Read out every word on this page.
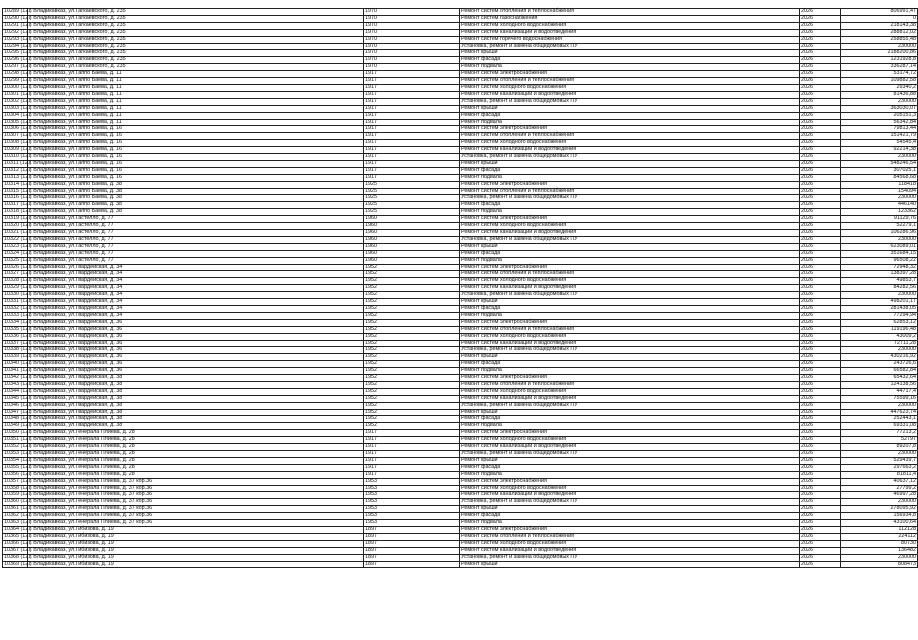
10289 (12.)	г. Владикавказ, ул.Гагкаевского, д. 235	1970	Ремонт систем отопления и теплоснабжения	2026	806991,47
10290 (12.)	г. Владикавказ, ул.Гагкаевского, д. 235	1970	Ремонт систем газоснабжения	2026	0
10291 (12.)	г. Владикавказ, ул.Гагкаевского, д. 235	1970	Ремонт систем холодного водоснабжения	2026	218143,38
10292 (12.)	г. Владикавказ, ул.Гагкаевского, д. 235	1970	Ремонт систем канализации и водоотведения	2026	288812,02
10293 (12.)	г. Владикавказ, ул.Гагкаевского, д. 235	1970	Ремонт систем горячего водоснабжения	2026	258855,48
10294 (12.)	г. Владикавказ, ул.Гагкаевского, д. 235	1970	Установка, ремонт и замена общедомовых ПУ	2026	230000
10295 (12.)	г. Владикавказ, ул.Гагкаевского, д. 235	1970	Ремонт крыши	2026	2188200,86
10296 (12.)	г. Владикавказ, ул.Гагкаевского, д. 235	1970	Ремонт фасада	2026	1231928,8
10297 (12.)	г. Владикавказ, ул.Гагкаевского, д. 235	1970	Ремонт подвала	2026	336287,14
10298 (12.)	г. Владикавказ, ул.Гаппо Баева, д. 11	1917	Ремонт систем электроснабжения	2026	53174,72
10299 (12.)	г. Владикавказ, ул.Гаппо Баева, д. 11	1917	Ремонт систем отопления и теплоснабжения	2026	109882,58
10300 (12.)	г. Владикавказ, ул.Гаппо Баева, д. 11	1917	Ремонт систем холодного водоснабжения	2026	29340,2
10301 (12.)	г. Владикавказ, ул.Гаппо Баева, д. 11	1917	Ремонт систем канализации и водоотведения	2026	81436,88
10302 (12.)	г. Владикавказ, ул.Гаппо Баева, д. 11	1917	Установка, ремонт и замена общедомовых ПУ	2026	230000
10303 (12.)	г. Владикавказ, ул.Гаппо Баева, д. 11	1917	Ремонт крыши	2026	363030,07
10304 (12.)	г. Владикавказ, ул.Гаппо Баева, д. 11	1917	Ремонт фасада	2026	205151,3
10305 (12.)	г. Владикавказ, ул.Гаппо Баева, д. 11	1917	Ремонт подвала	2026	56342,84
10306 (12.)	г. Владикавказ, ул.Гаппо Баева, д. 16	1917	Ремонт систем электроснабжения	2026	79813,44
10307 (12.)	г. Владикавказ, ул.Гаппо Баева, д. 16	1917	Ремонт систем отопления и теплоснабжения	2026	151421,79
10308 (12.)	г. Владикавказ, ул.Гаппо Баева, д. 16	1917	Ремонт систем холодного водоснабжения	2026	54545,4
10309 (12.)	г. Владикавказ, ул.Гаппо Баева, д. 16	1917	Ремонт систем канализации и водоотведения	2026	92214,38
10310 (12.)	г. Владикавказ, ул.Гаппо Баева, д. 16	1917	Установка, ремонт и замена общедомовых ПУ	2026	230000
10311 (12.)	г. Владикавказ, ул.Гаппо Баева, д. 16	1917	Ремонт крыши	2026	548246,54
10312 (12.)	г. Владикавказ, ул.Гаппо Баева, д. 16	1917	Ремонт фасада	2026	307025,1
10313 (12.)	г. Владикавказ, ул.Гаппо Баева, д. 16	1917	Ремонт подвала	2026	84568,68
10314 (12.)	г. Владикавказ, ул.Гаппо Баева, д. 38	1925	Ремонт систем электроснабжения	2026	118418
10315 (12.)	г. Владикавказ, ул.Гаппо Баева, д. 38	1925	Ремонт систем отопления и теплоснабжения	2026	154094
10316 (12.)	г. Владикавказ, ул.Гаппо Баева, д. 38	1925	Установка, ремонт и замена общедомовых ПУ	2026	230000
10317 (12.)	г. Владикавказ, ул.Гаппо Баева, д. 38	1925	Ремонт фасада	2026	446140
10318 (12.)	г. Владикавказ, ул.Гаппо Баева, д. 38	1925	Ремонт подвала	2026	123362
10319 (12.)	г. Владикавказ, ул.Гастелло, д. 77	1960	Ремонт систем электроснабжения	2026	91129,76
10320 (12.)	г. Владикавказ, ул.Гастелло, д. 77	1960	Ремонт систем холодного водоснабжения	2026	52279,1
10321 (12.)	г. Владикавказ, ул.Гастелло, д. 77	1960	Ремонт систем канализации и водоотведения	2026	106286,96
10322 (12.)	г. Владикавказ, ул.Гастелло, д. 77	1960	Установка, ремонт и замена общедомовых ПУ	2026	230000
10323 (12.)	г. Владикавказ, ул.Гастелло, д. 77	1960	Ремонт крыши	2026	623089,01
10324 (12.)	г. Владикавказ, ул.Гастелло, д. 77	1960	Ремонт фасада	2026	351684,15
10325 (12.)	г. Владикавказ, ул.Гастелло, д. 77	1960	Ремонт подвала	2026	96508,22
10326 (12.)	г. Владикавказ, ул.Гвардейская, д. 34	1952	Ремонт систем электроснабжения	2026	72948,32
10327 (12.)	г. Владикавказ, ул.Гвардейская, д. 34	1952	Ремонт систем отопления и теплоснабжения	2026	138397,28
10328 (12.)	г. Владикавказ, ул.Гвардейская, д. 34	1952	Ремонт систем холодного водоснабжения	2026	49853,7
10329 (12.)	г. Владикавказ, ул.Гвардейская, д. 34	1952	Ремонт систем канализации и водоотведения	2026	84282,56
10330 (12.)	г. Владикавказ, ул.Гвардейская, д. 34	1952	Установка, ремонт и замена общедомовых ПУ	2026	230000
10331 (12.)	г. Владикавказ, ул.Гвардейская, д. 34	1952	Ремонт крыши	2026	498201,17
10332 (12.)	г. Владикавказ, ул.Гвардейская, д. 34	1952	Ремонт фасада	2026	281438,05
10333 (12.)	г. Владикавказ, ул.Гвардейская, д. 34	1952	Ремонт подвала	2026	77294,94
10334 (12.)	г. Владикавказ, ул.Гвардейская, д. 36	1952	Ремонт систем электроснабжения	2026	62853,12
10335 (12.)	г. Владикавказ, ул.Гвардейская, д. 36	1952	Ремонт систем отопления и теплоснабжения	2026	119196,48
10336 (12.)	г. Владикавказ, ул.Гвардейская, д. 36	1952	Ремонт систем холодного водоснабжения	2026	43009,2
10337 (12.)	г. Владикавказ, ул.Гвардейская, д. 36	1952	Ремонт систем канализации и водоотведения	2026	72711,28
10338 (12.)	г. Владикавказ, ул.Гвардейская, д. 36	1952	Установка, ремонт и замена общедомовых ПУ	2026	230000
10339 (12.)	г. Владикавказ, ул.Гвардейская, д. 36	1952	Ремонт крыши	2026	430216,92
10340 (12.)	г. Владикавказ, ул.Гвардейская, д. 36	1952	Ремонт фасада	2026	243726,6
10341 (12.)	г. Владикавказ, ул.Гвардейская, д. 36	1952	Ремонт подвала	2026	66582,84
10342 (12.)	г. Владикавказ, ул.Гвардейская, д. 38	1952	Ремонт систем электроснабжения	2026	65432,64
10343 (12.)	г. Владикавказ, ул.Гвардейская, д. 38	1952	Ремонт систем отопления и теплоснабжения	2026	124138,56
10344 (12.)	г. Владикавказ, ул.Гвардейская, д. 38	1952	Ремонт систем холодного водоснабжения	2026	44717,4
10345 (12.)	г. Владикавказ, ул.Гвардейская, д. 38	1952	Ремонт систем канализации и водоотведения	2026	75599,16
10346 (12.)	г. Владикавказ, ул.Гвардейская, д. 38	1952	Установка, ремонт и замена общедомовых ПУ	2026	230000
10347 (12.)	г. Владикавказ, ул.Гвардейская, д. 38	1952	Ремонт крыши	2026	447623,74
10348 (12.)	г. Владикавказ, ул.Гвардейская, д. 38	1952	Ремонт фасада	2026	252443,1
10349 (12.)	г. Владикавказ, ул.Гвардейская, д. 38	1952	Ремонт подвала	2026	69331,08
10350 (12.)	г. Владикавказ, ул.Генерала Плиева, д. 28	1917	Ремонт систем электроснабжения	2026	77213,2
10351 (12.)	г. Владикавказ, ул.Генерала Плиева, д. 28	1917	Ремонт систем холодного водоснабжения	2026	52797
10352 (12.)	г. Владикавказ, ул.Генерала Плиева, д. 28	1917	Ремонт систем канализации и водоотведения	2026	89207,8
10353 (12.)	г. Владикавказ, ул.Генерала Плиева, д. 28	1917	Установка, ремонт и замена общедомовых ПУ	2026	230000
10354 (12.)	г. Владикавказ, ул.Генерала Плиева, д. 28	1917	Ремонт крыши	2026	529439,7
10355 (12.)	г. Владикавказ, ул.Генерала Плиева, д. 28	1917	Ремонт фасада	2026	297663,2
10356 (12.)	г. Владикавказ, ул.Генерала Плиева, д. 28	1917	Ремонт подвала	2026	81811,4
10357 (12.)	г. Владикавказ, ул.Генерала Плиева, д. 37 кор.36	1953	Ремонт систем электроснабжения	2026	40637,12
10358 (12.)	г. Владикавказ, ул.Генерала Плиева, д. 37 кор.36	1953	Ремонт систем холодного водоснабжения	2026	27799,2
10359 (12.)	г. Владикавказ, ул.Генерала Плиева, д. 37 кор.36	1953	Ремонт систем канализации и водоотведения	2026	46997,28
10360 (12.)	г. Владикавказ, ул.Генерала Плиева, д. 37 кор.36	1953	Установка, ремонт и замена общедомовых ПУ	2026	230000
10361 (12.)	г. Владикавказ, ул.Генерала Плиева, д. 37 кор.36	1953	Ремонт крыши	2026	278095,92
10362 (12.)	г. Владикавказ, ул.Генерала Плиева, д. 37 кор.36	1953	Ремонт фасада	2026	156934,8
10363 (12.)	г. Владикавказ, ул.Генерала Плиева, д. 37 кор.36	1953	Ремонт подвала	2026	43100,64
10364 (12.)	г. Владикавказ, ул.Гибизова, д. 19	1897	Ремонт систем электроснабжения	2026	112128
10365 (12.)	г. Владикавказ, ул.Гибизова, д. 19	1897	Ремонт систем отопления и теплоснабжения	2026	224112
10366 (12.)	г. Владикавказ, ул.Гибизова, д. 19	1897	Ремонт систем холодного водоснабжения	2026	80730
10367 (12.)	г. Владикавказ, ул.Гибизова, д. 19	1897	Ремонт систем канализации и водоотведения	2026	136482
10368 (12.)	г. Владикавказ, ул.Гибизова, д. 19	1897	Установка, ремонт и замена общедомовых ПУ	2026	230000
10369 (12.)	г. Владикавказ, ул.Гибизова, д. 19	1897	Ремонт крыши	2026	808473
